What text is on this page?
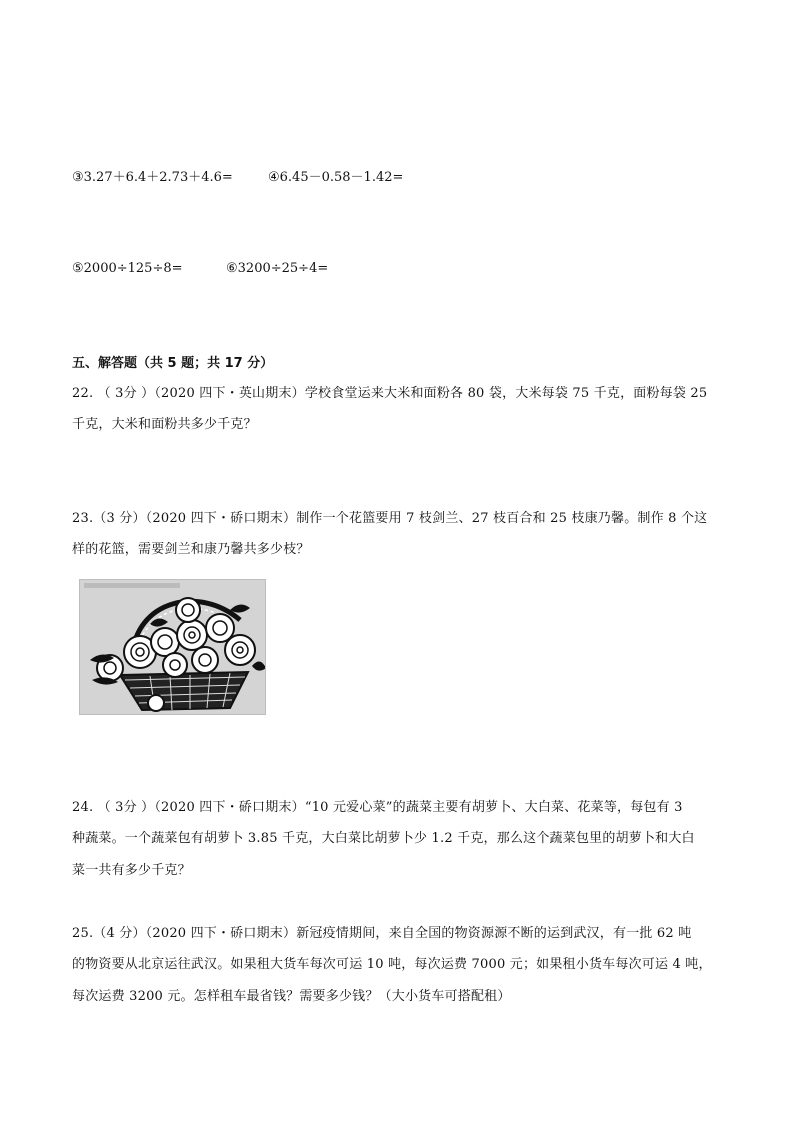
③3.27＋6.4＋2.73＋4.6=	④6.45－0.58－1.42=
⑤2000÷125÷8=	⑥3200÷25÷4=
五、解答题（共 5 题；共 17 分）
22. （ 3分 ）（2020 四下・英山期末）学校食堂运来大米和面粉各 80 袋，大米每袋 75 千克，面粉每袋 25
千克，大米和面粉共多少千克？
23.（3 分）（2020 四下・硚口期末）制作一个花篮要用 7 枝剑兰、27 枝百合和 25 枝康乃馨。制作 8 个这
样的花篮，需要剑兰和康乃馨共多少枝？
24. （ 3分 ）（2020 四下・硚口期末）“10 元爱心菜”的蔬菜主要有胡萝卜、大白菜、花菜等，每包有 3
种蔬菜。一个蔬菜包有胡萝卜 3.85 千克，大白菜比胡萝卜少 1.2 千克，那么这个蔬菜包里的胡萝卜和大白
菜一共有多少千克？
25.（4 分）（2020 四下・硚口期末）新冠疫情期间，来自全国的物资源源不断的运到武汉，有一批 62 吨
的物资要从北京运往武汉。如果租大货车每次可运 10 吨，每次运费 7000 元；如果租小货车每次可运 4 吨，
每次运费 3200 元。怎样租车最省钱？需要多少钱？（大小货车可搭配租）
